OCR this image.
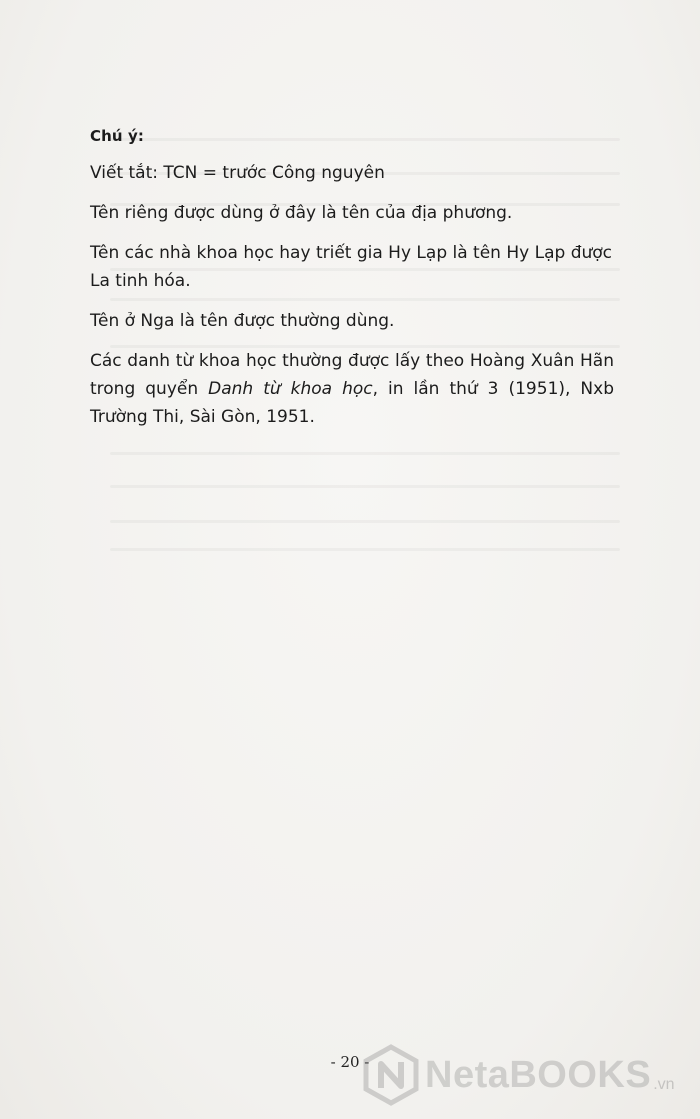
Chú ý:

Viết tắt: TCN = trước Công nguyên

Tên riêng được dùng ở đây là tên của địa phương.

Tên các nhà khoa học hay triết gia Hy Lạp là tên Hy Lạp được La tinh hóa.

Tên ở Nga là tên được thường dùng.

Các danh từ khoa học thường được lấy theo Hoàng Xuân Hãn trong quyển Danh từ khoa học, in lần thứ 3 (1951), Nxb Trường Thi, Sài Gòn, 1951.

- 20 -	NetaBOOKS .vn
